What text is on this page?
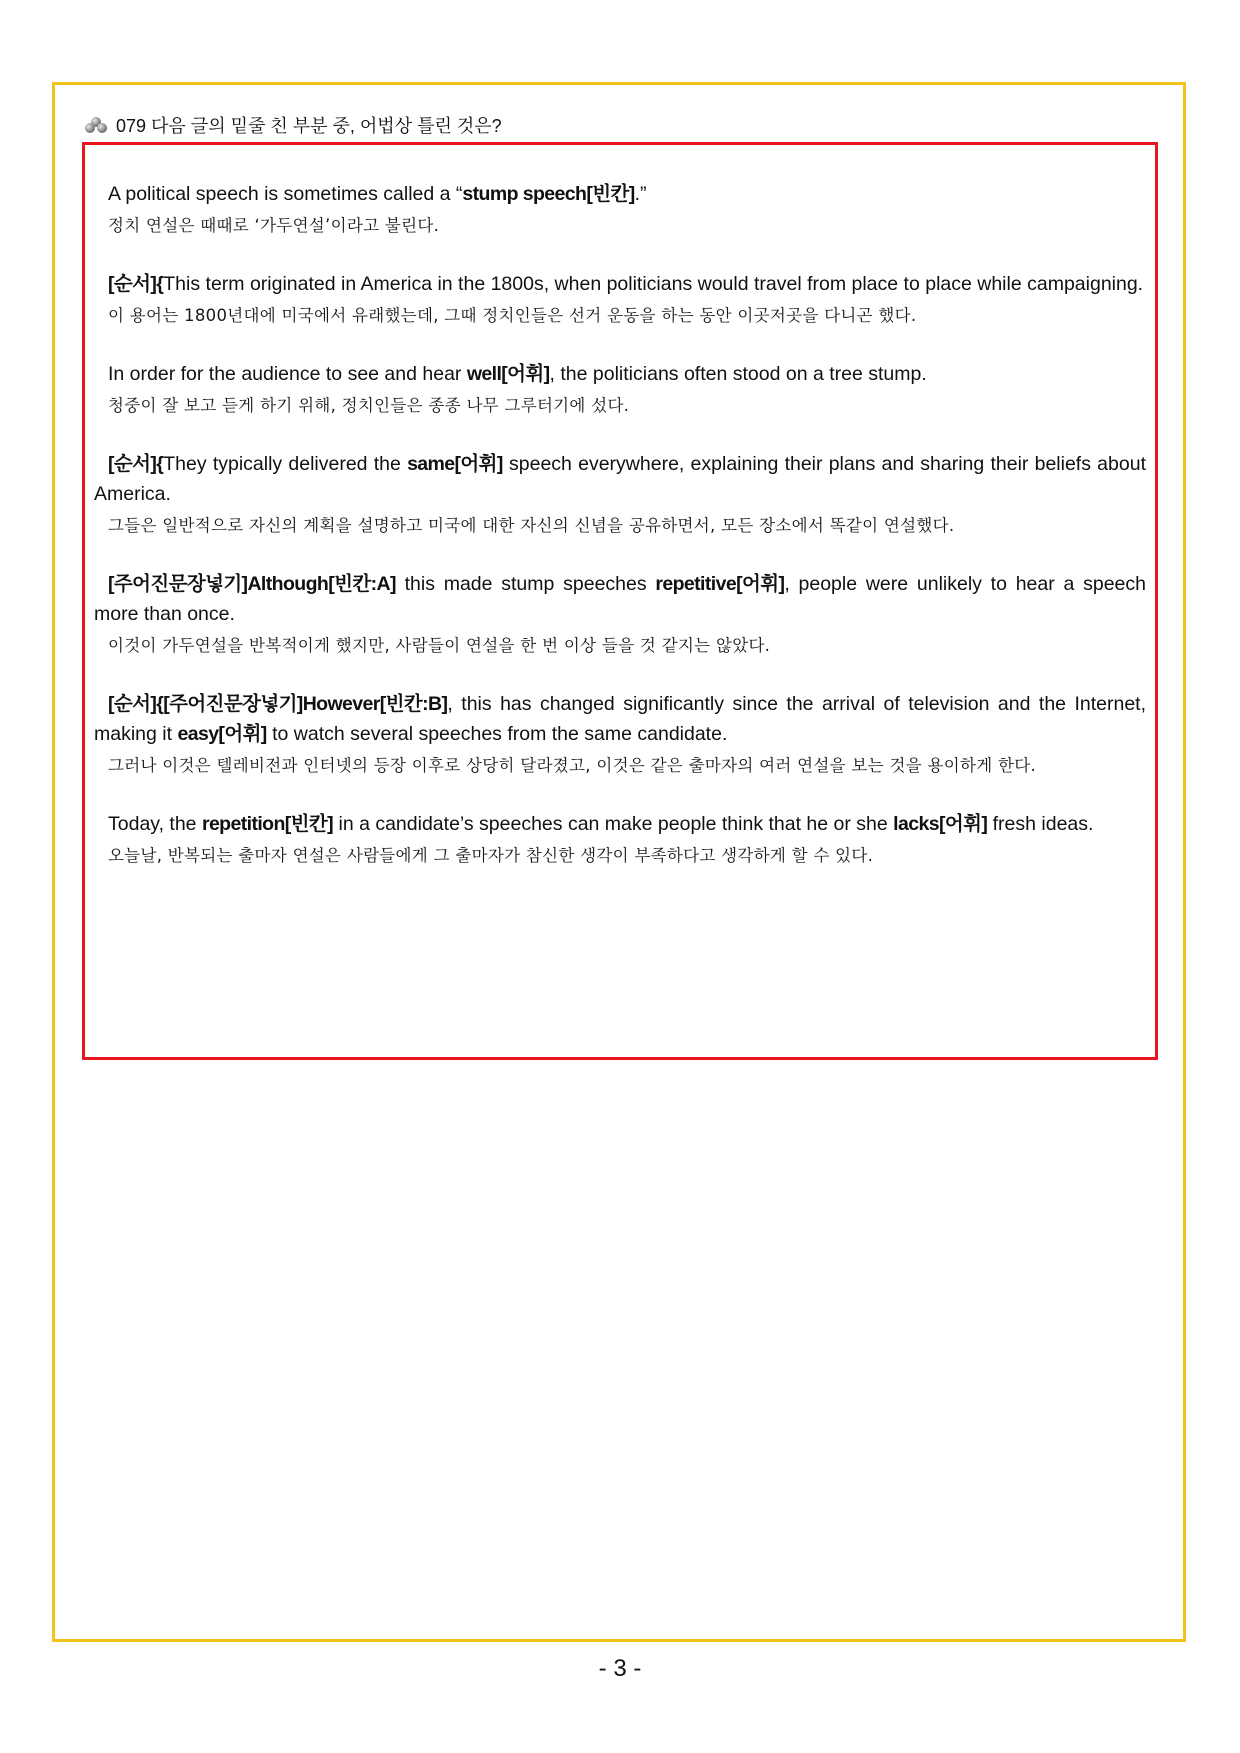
079 다음 글의 밑줄 친 부분 중, 어법상 틀린 것은?

A political speech is sometimes called a “stump speech[빈칸].”

정치 연설은 때때로 ‘가두연설’이라고 불린다.

[순서]{This term originated in America in the 1800s, when politicians would travel from place to place while campaigning.

이 용어는 1800년대에 미국에서 유래했는데, 그때 정치인들은 선거 운동을 하는 동안 이곳저곳을 다니곤 했다.

In order for the audience to see and hear well[어휘], the politicians often stood on a tree stump.

청중이 잘 보고 듣게 하기 위해, 정치인들은 종종 나무 그루터기에 섰다.

[순서]{They typically delivered the same[어휘] speech everywhere, explaining their plans and sharing their beliefs about America.

그들은 일반적으로 자신의 계획을 설명하고 미국에 대한 자신의 신념을 공유하면서, 모든 장소에서 똑같이 연설했다.

[주어진문장넣기]Although[빈칸:A] this made stump speeches repetitive[어휘], people were unlikely to hear a speech more than once.

이것이 가두연설을 반복적이게 했지만, 사람들이 연설을 한 번 이상 들을 것 같지는 않았다.

[순서]{[주어진문장넣기]However[빈칸:B], this has changed significantly since the arrival of television and the Internet, making it easy[어휘] to watch several speeches from the same candidate.

그러나 이것은 텔레비전과 인터넷의 등장 이후로 상당히 달라졌고, 이것은 같은 출마자의 여러 연설을 보는 것을 용이하게 한다.

Today, the repetition[빈칸] in a candidate’s speeches can make people think that he or she lacks[어휘] fresh ideas.

오늘날, 반복되는 출마자 연설은 사람들에게 그 출마자가 참신한 생각이 부족하다고 생각하게 할 수 있다.

- 3 -
